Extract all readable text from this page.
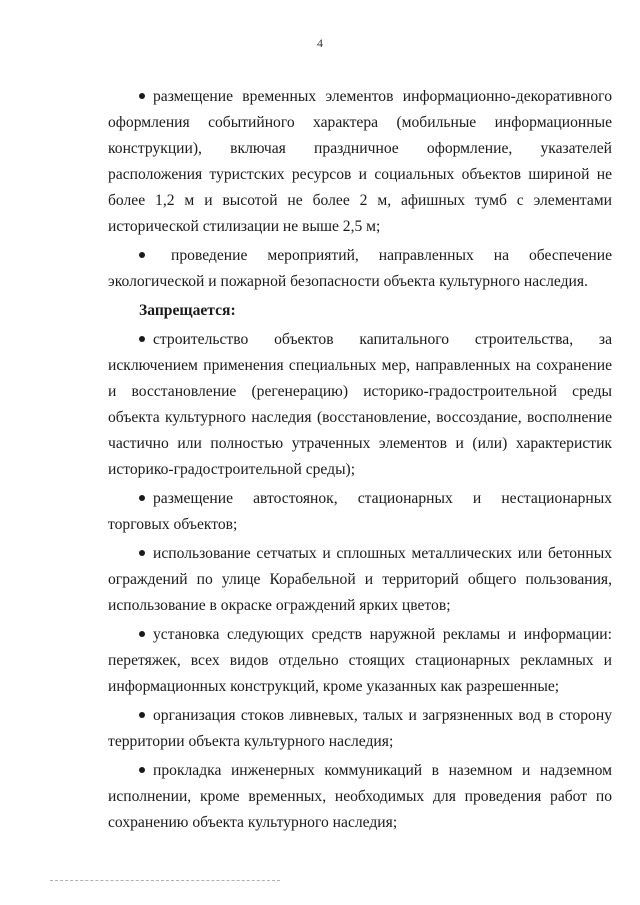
4

размещение временных элементов информационно-декоративного оформления событийного характера (мобильные информационные конструкции), включая праздничное оформление, указателей расположения туристских ресурсов и социальных объектов шириной не более 1,2 м и высотой не более 2 м, афишных тумб с элементами исторической стилизации не выше 2,5 м;

проведение мероприятий, направленных на обеспечение экологической и пожарной безопасности объекта культурного наследия.

Запрещается:

строительство объектов капитального строительства, за исключением применения специальных мер, направленных на сохранение и восстановление (регенерацию) историко-градостроительной среды объекта культурного наследия (восстановление, воссоздание, восполнение частично или полностью утраченных элементов и (или) характеристик историко-градостроительной среды);

размещение автостоянок, стационарных и нестационарных торговых объектов;

использование сетчатых и сплошных металлических или бетонных ограждений по улице Корабельной и территорий общего пользования, использование в окраске ограждений ярких цветов;

установка следующих средств наружной рекламы и информации: перетяжек, всех видов отдельно стоящих стационарных рекламных и информационных конструкций, кроме указанных как разрешенные;

организация стоков ливневых, талых и загрязненных вод в сторону территории объекта культурного наследия;

прокладка инженерных коммуникаций в наземном и надземном исполнении, кроме временных, необходимых для проведения работ по сохранению объекта культурного наследия;
